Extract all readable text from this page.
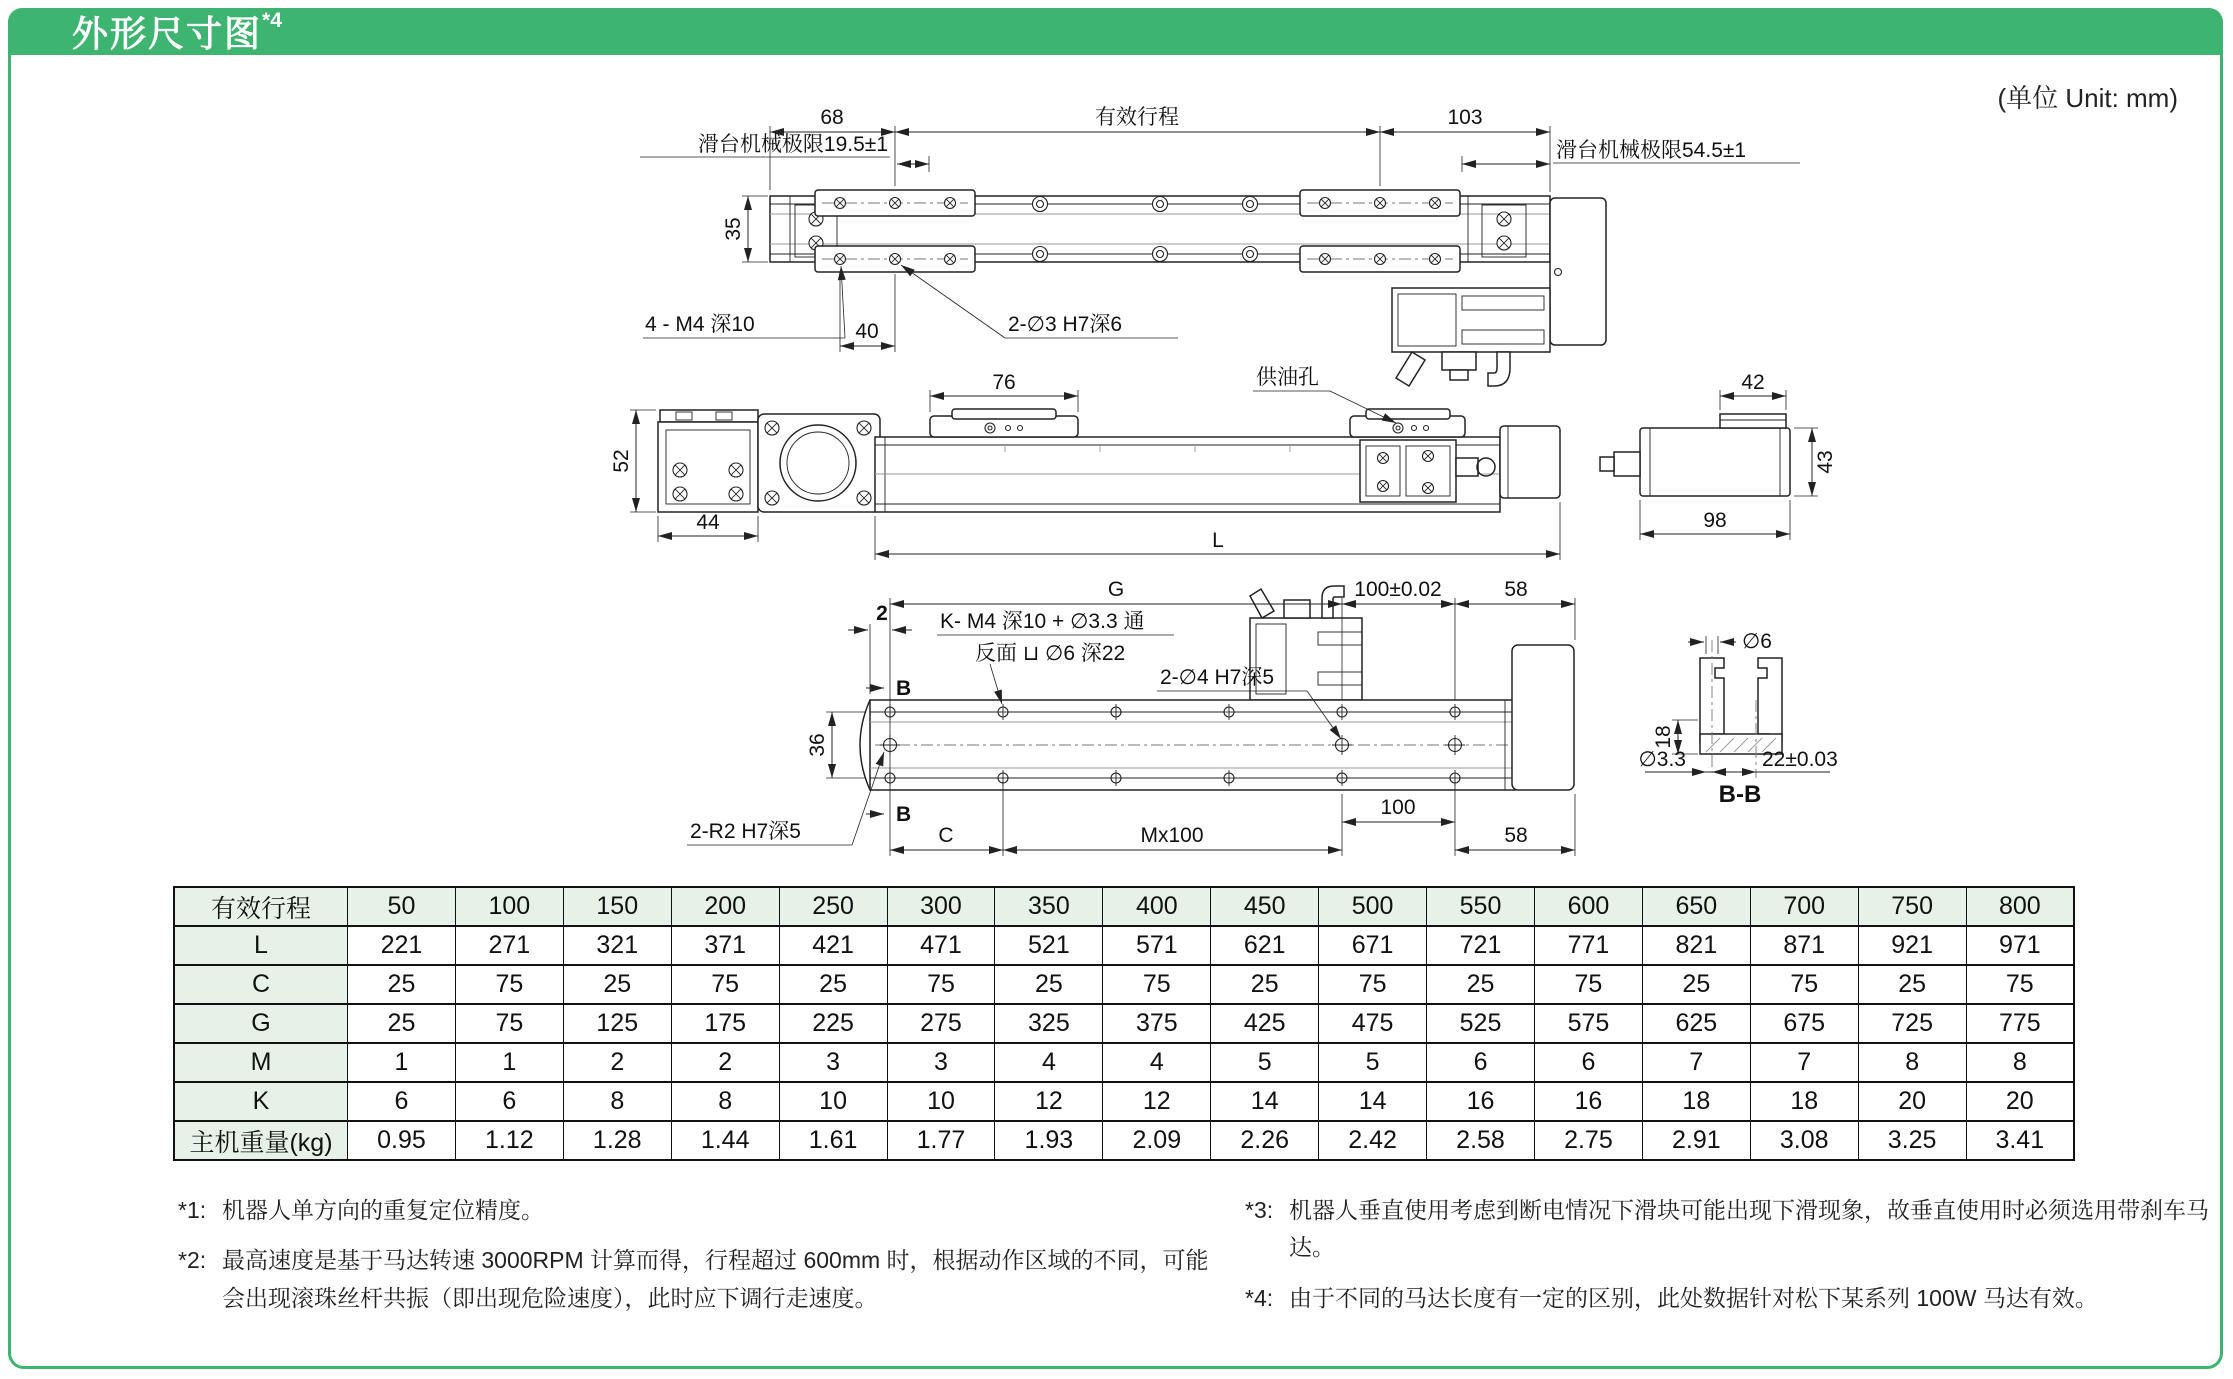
外形尺寸图$^{*4}$
(单位 Unit: mm)
68	有效行程	103
滑台机械极限19.5±1	滑台机械极限54.5±1
35
4 - M4 深10	40	2-∅3 H7深6
52
44
76	供油孔
L
42
43
98
B
B
2
G	100±0.02	58
K- M4 深10 + ∅3.3 通
反面 ⊔ ∅6 深22
2-∅4 H7深5
2-R2 H7深5
36
C	Mx100
100
58
∅6
18
∅3.3	22±0.03
B-B
有效行程	50	100	150	200	250	300	350	400	450	500	550	600	650	700	750	800
L	221	271	321	371	421	471	521	571	621	671	721	771	821	871	921	971
C	25	75	25	75	25	75	25	75	25	75	25	75	25	75	25	75
G	25	75	125	175	225	275	325	375	425	475	525	575	625	675	725	775
M	1	1	2	2	3	3	4	4	5	5	6	6	7	7	8	8
K	6	6	8	8	10	10	12	12	14	14	16	16	18	18	20	20
主机重量(kg)	0.95	1.12	1.28	1.44	1.61	1.77	1.93	2.09	2.26	2.42	2.58	2.75	2.91	3.08	3.25	3.41
*1: 机器人单方向的重复定位精度。
*2: 最高速度是基于马达转速 3000RPM 计算而得，行程超过 600mm 时，根据动作区域的不同，可能会出现滚珠丝杆共振（即出现危险速度），此时应下调行走速度。
*3: 机器人垂直使用考虑到断电情况下滑块可能出现下滑现象，故垂直使用时必须选用带刹车马达。
*4: 由于不同的马达长度有一定的区别，此处数据针对松下某系列 100W 马达有效。
